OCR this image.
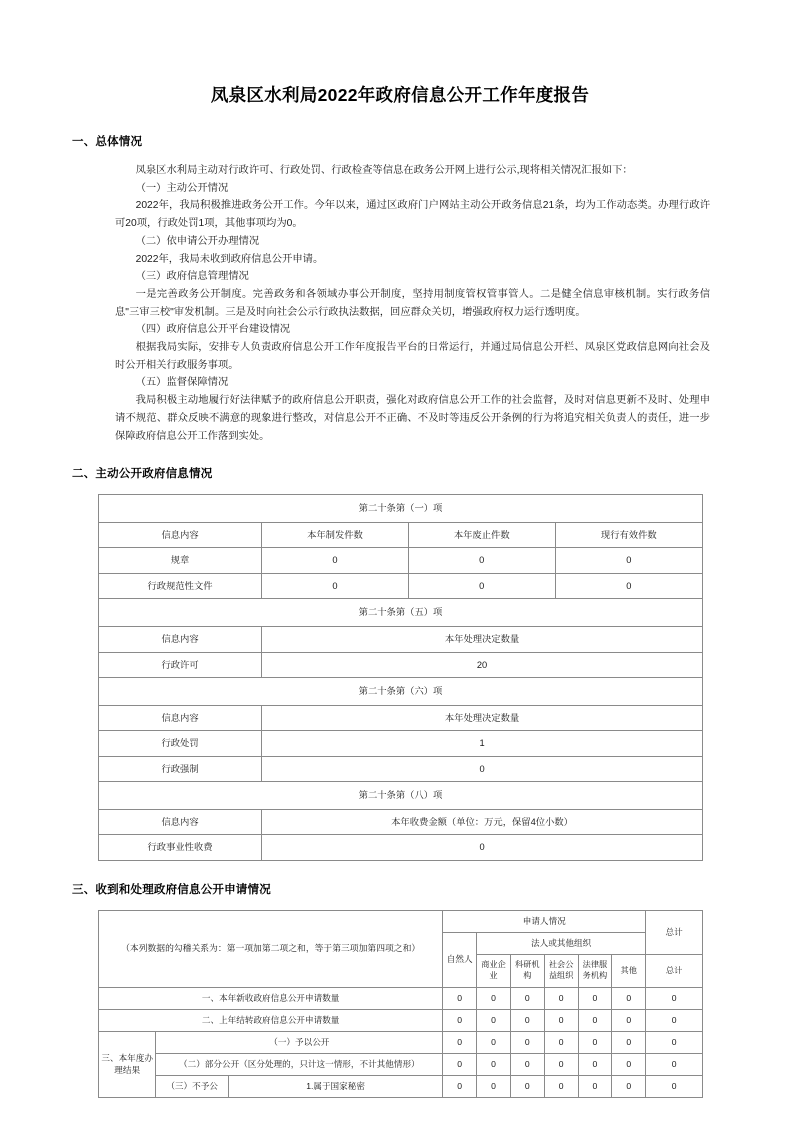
凤泉区水利局2022年政府信息公开工作年度报告
一、总体情况

凤泉区水利局主动对行政许可、行政处罚、行政检查等信息在政务公开网上进行公示,现将相关情况汇报如下：

（一）主动公开情况

2022年，我局积极推进政务公开工作。今年以来，通过区政府门户网站主动公开政务信息21条，均为工作动态类。办理行政许可20项，行政处罚1项，其他事项均为0。

（二）依申请公开办理情况

2022年，我局未收到政府信息公开申请。

（三）政府信息管理情况

一是完善政务公开制度。完善政务和各领域办事公开制度，坚持用制度管权管事管人。二是健全信息审核机制。实行政务信息"三审三校"审发机制。三是及时向社会公示行政执法数据，回应群众关切，增强政府权力运行透明度。

（四）政府信息公开平台建设情况

根据我局实际，安排专人负责政府信息公开工作年度报告平台的日常运行，并通过局信息公开栏、凤泉区党政信息网向社会及时公开相关行政服务事项。

（五）监督保障情况

我局积极主动地履行好法律赋予的政府信息公开职责，强化对政府信息公开工作的社会监督，及时对信息更新不及时、处理申请不规范、群众反映不满意的现象进行整改，对信息公开不正确、不及时等违反公开条例的行为将追究相关负责人的责任，进一步保障政府信息公开工作落到实处。

二、主动公开政府信息情况
第二十条第（一）项			
信息内容	本年制发件数	本年废止件数	现行有效件数
规章	0	0	0
行政规范性文件	0	0	0
第二十条第（五）项			
信息内容	本年处理决定数量		
行政许可	20		
第二十条第（六）项			
信息内容	本年处理决定数量		
行政处罚	1		
行政强制	0		
第二十条第（八）项			
信息内容	本年收费金额（单位：万元，保留4位小数）		
行政事业性收费	0		
三、收到和处理政府信息公开申请情况
（本列数据的勾稽关系为：第一项加第二项之和，等于第三项加第四项之和）			申请人情况						总计
			自然人	法人或其他组织					
				商业企业	科研机构	社会公益组织	法律服务机构	其他	总计
一、本年新收政府信息公开申请数量			0	0	0	0	0	0	0
二、上年结转政府信息公开申请数量			0	0	0	0	0	0	0
三、本年度办理结果	（一）予以公开		0	0	0	0	0	0	0
	（二）部分公开（区分处理的，只计这一情形，不计其他情形）		0	0	0	0	0	0	0
	（三）不予公	1.属于国家秘密	0	0	0	0	0	0	0
